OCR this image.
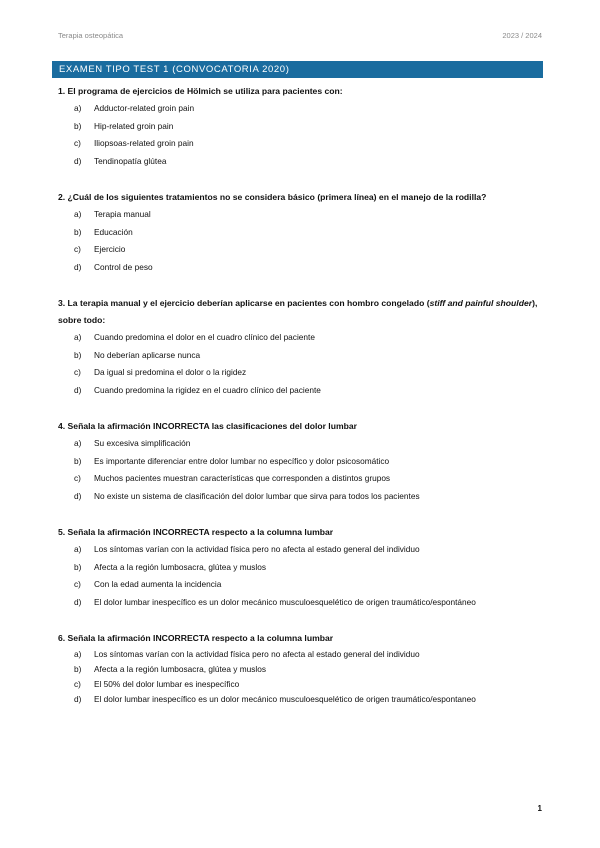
Terapia osteopática	2023 / 2024
EXAMEN TIPO TEST 1 (CONVOCATORIA 2020)
1. El programa de ejercicios de Hölmich se utiliza para pacientes con:
a)	Adductor-related groin pain
b)	Hip-related groin pain
c)	Iliopsoas-related groin pain
d)	Tendinopatía glútea
2. ¿Cuál de los siguientes tratamientos no se considera básico (primera línea) en el manejo de la rodilla?
a)	Terapia manual
b)	Educación
c)	Ejercicio
d)	Control de peso
3. La terapia manual y el ejercicio deberían aplicarse en pacientes con hombro congelado (stiff and painful shoulder), sobre todo:
a)	Cuando predomina el dolor en el cuadro clínico del paciente
b)	No deberían aplicarse nunca
c)	Da igual si predomina el dolor o la rigidez
d)	Cuando predomina la rigidez en el cuadro clínico del paciente
4. Señala la afirmación INCORRECTA las clasificaciones del dolor lumbar
a)	Su excesiva simplificación
b)	Es importante diferenciar entre dolor lumbar no específico y dolor psicosomático
c)	Muchos pacientes muestran características que corresponden a distintos grupos
d)	No existe un sistema de clasificación del dolor lumbar que sirva para todos los pacientes
5. Señala la afirmación INCORRECTA respecto a la columna lumbar
a)	Los síntomas varían con la actividad física pero no afecta al estado general del individuo
b)	Afecta a la región lumbosacra, glútea y muslos
c)	Con la edad aumenta la incidencia
d)	El dolor lumbar inespecífico es un dolor mecánico musculoesquelético de origen traumático/espontáneo
6. Señala la afirmación INCORRECTA respecto a la columna lumbar
a)	Los síntomas varían con la actividad física pero no afecta al estado general del individuo
b)	Afecta a la región lumbosacra, glútea y muslos
c)	El 50% del dolor lumbar es inespecífico
d)	El dolor lumbar inespecífico es un dolor mecánico musculoesquelético de origen traumático/espontaneo
1
